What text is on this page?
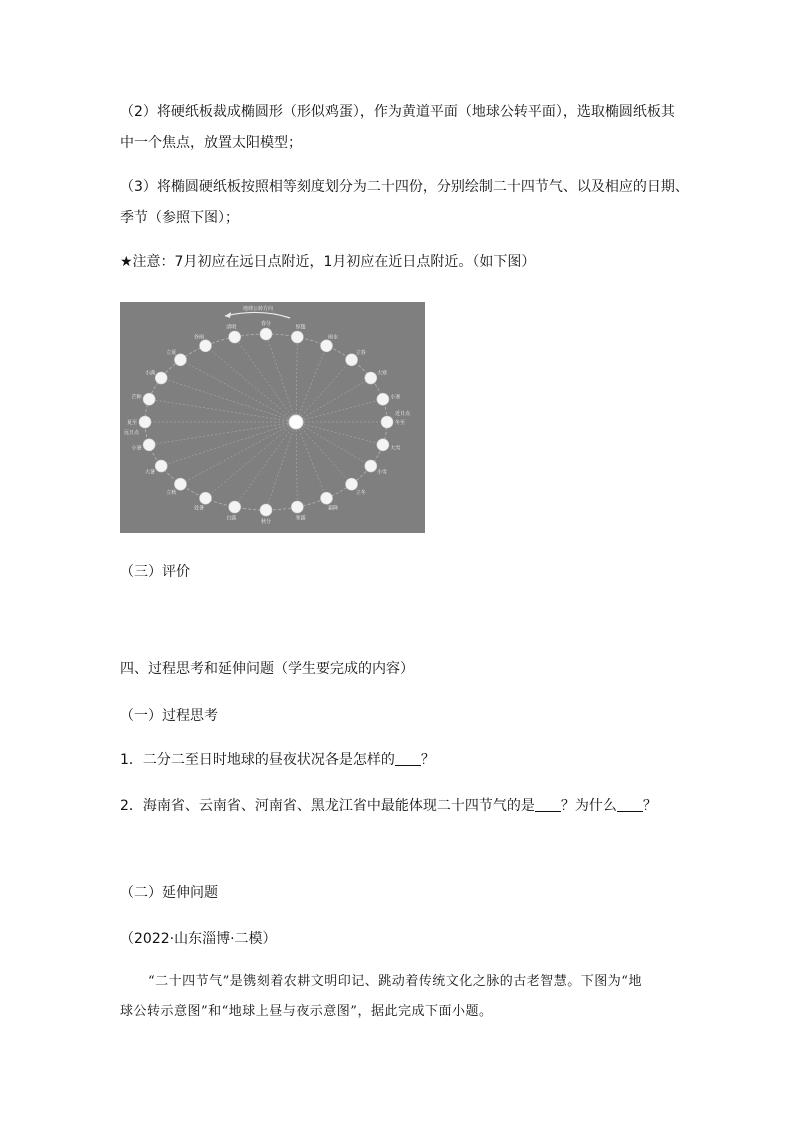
（2）将硬纸板裁成椭圆形（形似鸡蛋），作为黄道平面（地球公转平面），选取椭圆纸板其
中一个焦点，放置太阳模型；
（3）将椭圆硬纸板按照相等刻度划分为二十四份，分别绘制二十四节气、以及相应的日期、
季节（参照下图）；
★注意：7月初应在远日点附近，1月初应在近日点附近。（如下图）
地球公转方向
立春
雨水
惊蛰
春分
清明
谷雨
立夏
小满
芒种
夏至
小暑
大暑
立秋
处暑
白露
秋分
寒露
霜降
立冬
小雪
大雪
冬至
小寒
大寒
近日点
远日点
（三）评价
四、过程思考和延伸问题（学生要完成的内容）
（一）过程思考
1．二分二至日时地球的昼夜状况各是怎样的 ？
2．海南省、云南省、河南省、黑龙江省中最能体现二十四节气的是 ？为什么 ？
（二）延伸问题
（2022·山东淄博·二模）
“二十四节气”是镌刻着农耕文明印记、跳动着传统文化之脉的古老智慧。下图为“地
球公转示意图”和“地球上昼与夜示意图”，据此完成下面小题。
